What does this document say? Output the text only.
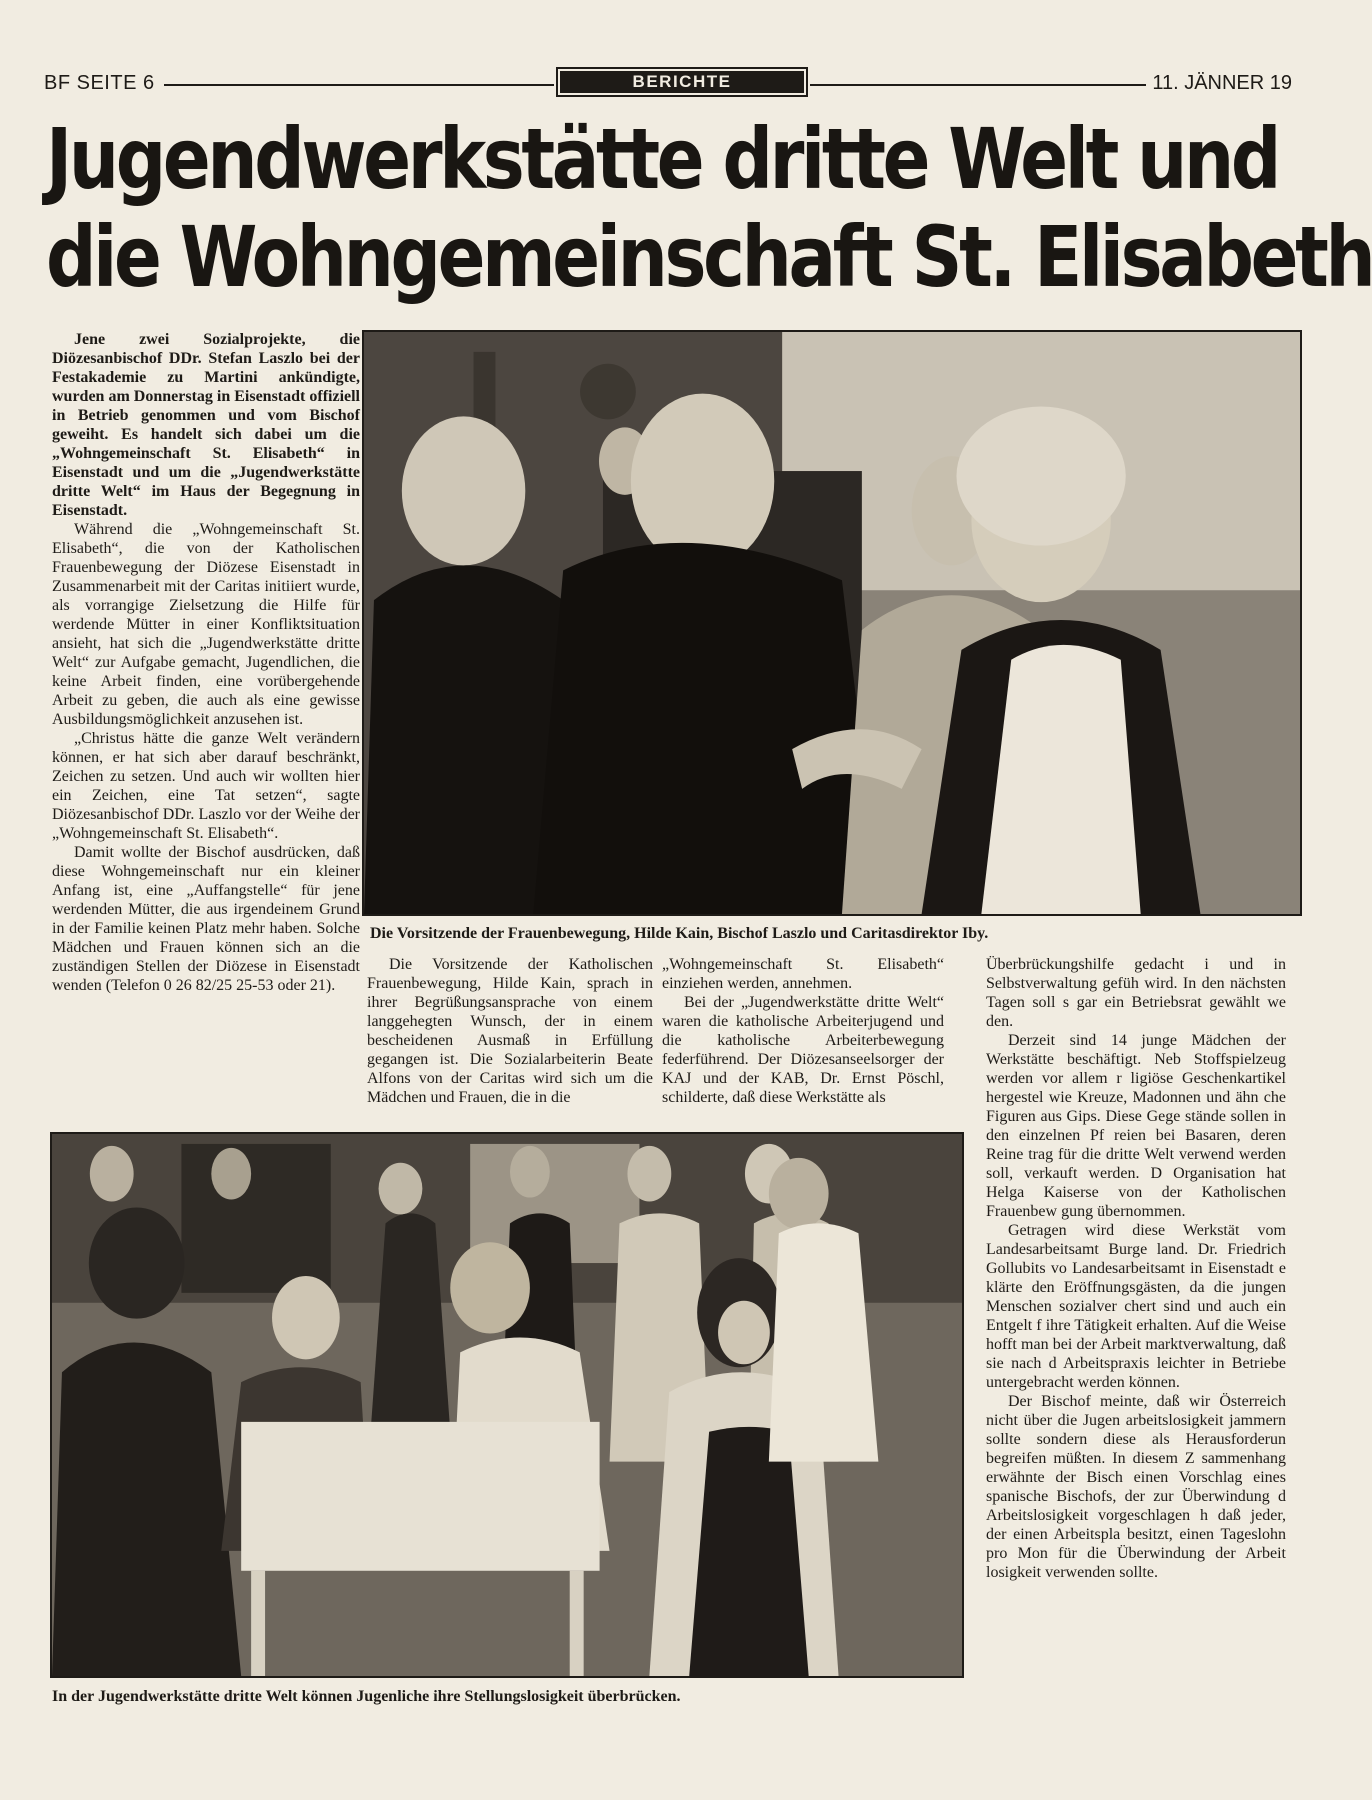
BF SEITE 6	BERICHTE	11. JÄNNER 19
Jugendwerkstätte dritte Welt und
die Wohngemeinschaft St. Elisabeth

Jene zwei Sozialprojekte, die Diözesanbischof DDr. Stefan Laszlo bei der Festakademie zu Martini ankündigte, wurden am Donnerstag in Eisenstadt offiziell in Betrieb genommen und vom Bischof geweiht. Es handelt sich dabei um die „Wohngemeinschaft St. Elisabeth“ in Eisenstadt und um die „Jugendwerkstätte dritte Welt“ im Haus der Begegnung in Eisenstadt.

Während die „Wohngemeinschaft St. Elisabeth“, die von der Katholischen Frauenbewegung der Diözese Eisenstadt in Zusammenarbeit mit der Caritas initiiert wurde, als vorrangige Zielsetzung die Hilfe für werdende Mütter in einer Konfliktsituation ansieht, hat sich die „Jugendwerkstätte dritte Welt“ zur Aufgabe gemacht, Jugendlichen, die keine Arbeit finden, eine vorübergehende Arbeit zu geben, die auch als eine gewisse Ausbildungsmöglichkeit anzusehen ist.

„Christus hätte die ganze Welt verändern können, er hat sich aber darauf beschränkt, Zeichen zu setzen. Und auch wir wollten hier ein Zeichen, eine Tat setzen“, sagte Diözesanbischof DDr. Laszlo vor der Weihe der „Wohngemeinschaft St. Elisabeth“.

Damit wollte der Bischof ausdrücken, daß diese Wohngemeinschaft nur ein kleiner Anfang ist, eine „Auffangstelle“ für jene werdenden Mütter, die aus irgendeinem Grund in der Familie keinen Platz mehr haben. Solche Mädchen und Frauen können sich an die zuständigen Stellen der Diözese in Eisenstadt wenden (Telefon 0 26 82/25 25-53 oder 21).

Die Vorsitzende der Frauenbewegung, Hilde Kain, Bischof Laszlo und Caritasdirektor Iby.

Die Vorsitzende der Katholischen Frauenbewegung, Hilde Kain, sprach in ihrer Begrüßungsansprache von einem langgehegten Wunsch, der in einem bescheidenen Ausmaß in Erfüllung gegangen ist. Die Sozialarbeiterin Beate Alfons von der Caritas wird sich um die Mädchen und Frauen, die in die

„Wohngemeinschaft St. Elisabeth“ einziehen werden, annehmen.

Bei der „Jugendwerkstätte dritte Welt“ waren die katholische Arbeiterjugend und die katholische Arbeiterbewegung federführend. Der Diözesanseelsorger der KAJ und der KAB, Dr. Ernst Pöschl, schilderte, daß diese Werkstätte als

Überbrückungshilfe gedacht i und in Selbstverwaltung gefüh wird. In den nächsten Tagen soll s gar ein Betriebsrat gewählt we den.

Derzeit sind 14 junge Mädchen der Werkstätte beschäftigt. Neb Stoffspielzeug werden vor allem r ligiöse Geschenkartikel hergestel wie Kreuze, Madonnen und ähn che Figuren aus Gips. Diese Gege stände sollen in den einzelnen Pf reien bei Basaren, deren Reine trag für die dritte Welt verwend werden soll, verkauft werden. D Organisation hat Helga Kaiserse von der Katholischen Frauenbew gung übernommen.

Getragen wird diese Werkstät vom Landesarbeitsamt Burge land. Dr. Friedrich Gollubits vo Landesarbeitsamt in Eisenstadt e klärte den Eröffnungsgästen, da die jungen Menschen sozialver chert sind und auch ein Entgelt f ihre Tätigkeit erhalten. Auf die Weise hofft man bei der Arbeit marktverwaltung, daß sie nach d Arbeitspraxis leichter in Betriebe untergebracht werden können.

Der Bischof meinte, daß wir Österreich nicht über die Jugen arbeitslosigkeit jammern sollte sondern diese als Herausforderun begreifen müßten. In diesem Z sammenhang erwähnte der Bisch einen Vorschlag eines spanische Bischofs, der zur Überwindung d Arbeitslosigkeit vorgeschlagen h daß jeder, der einen Arbeitspla besitzt, einen Tageslohn pro Mon für die Überwindung der Arbeit losigkeit verwenden sollte.

In der Jugendwerkstätte dritte Welt können Jugenliche ihre Stellungslosigkeit überbrücken.
